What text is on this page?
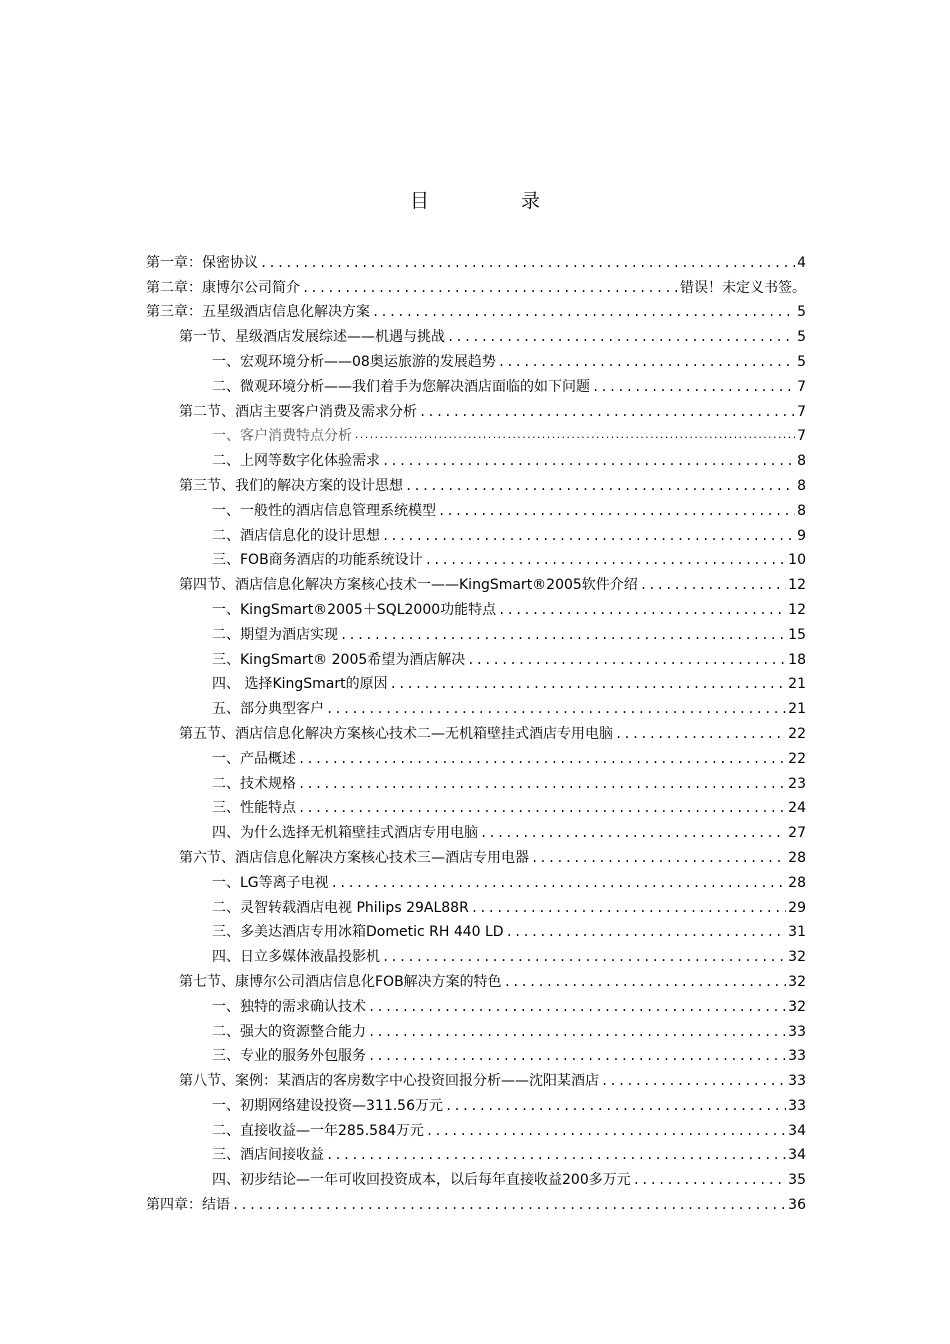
目	录
第一章：保密协议 .....	4
第二章：康博尔公司简介 .....	错误！未定义书签。
第三章：五星级酒店信息化解决方案 .....	5
第一节、星级酒店发展综述——机遇与挑战 .....	5
一、宏观环境分析——08奥运旅游的发展趋势 .....	5
二、微观环境分析——我们着手为您解决酒店面临的如下问题 .....	7
第二节、酒店主要客户消费及需求分析 .....	7
一、客户消费特点分析 .....	7
二、上网等数字化体验需求 .....	8
第三节、我们的解决方案的设计思想 .....	8
一、一般性的酒店信息管理系统模型 .....	8
二、酒店信息化的设计思想 .....	9
三、FOB商务酒店的功能系统设计 .....	10
第四节、酒店信息化解决方案核心技术一——KingSmart®2005软件介绍 .....	12
一、KingSmart®2005＋SQL2000功能特点 .....	12
二、期望为酒店实现 .....	15
三、KingSmart® 2005希望为酒店解决 .....	18
四、 选择KingSmart的原因 .....	21
五、部分典型客户 .....	21
第五节、酒店信息化解决方案核心技术二—无机箱壁挂式酒店专用电脑 .....	22
一、产品概述 .....	22
二、技术规格 .....	23
三、性能特点 .....	24
四、为什么选择无机箱壁挂式酒店专用电脑 .....	27
第六节、酒店信息化解决方案核心技术三—酒店专用电器 .....	28
一、LG等离子电视 .....	28
二、灵智转载酒店电视 Philips 29AL88R .....	29
三、多美达酒店专用冰箱Dometic RH 440 LD .....	31
四、日立多媒体液晶投影机 .....	32
第七节、康博尔公司酒店信息化FOB解决方案的特色 .....	32
一、独特的需求确认技术 .....	32
二、强大的资源整合能力 .....	33
三、专业的服务外包服务 .....	33
第八节、案例：某酒店的客房数字中心投资回报分析——沈阳某酒店 .....	33
一、初期网络建设投资—311.56万元 .....	33
二、直接收益—一年285.584万元 .....	34
三、酒店间接收益 .....	34
四、初步结论—一年可收回投资成本，以后每年直接收益200多万元 .....	35
第四章：结语 .....	36
